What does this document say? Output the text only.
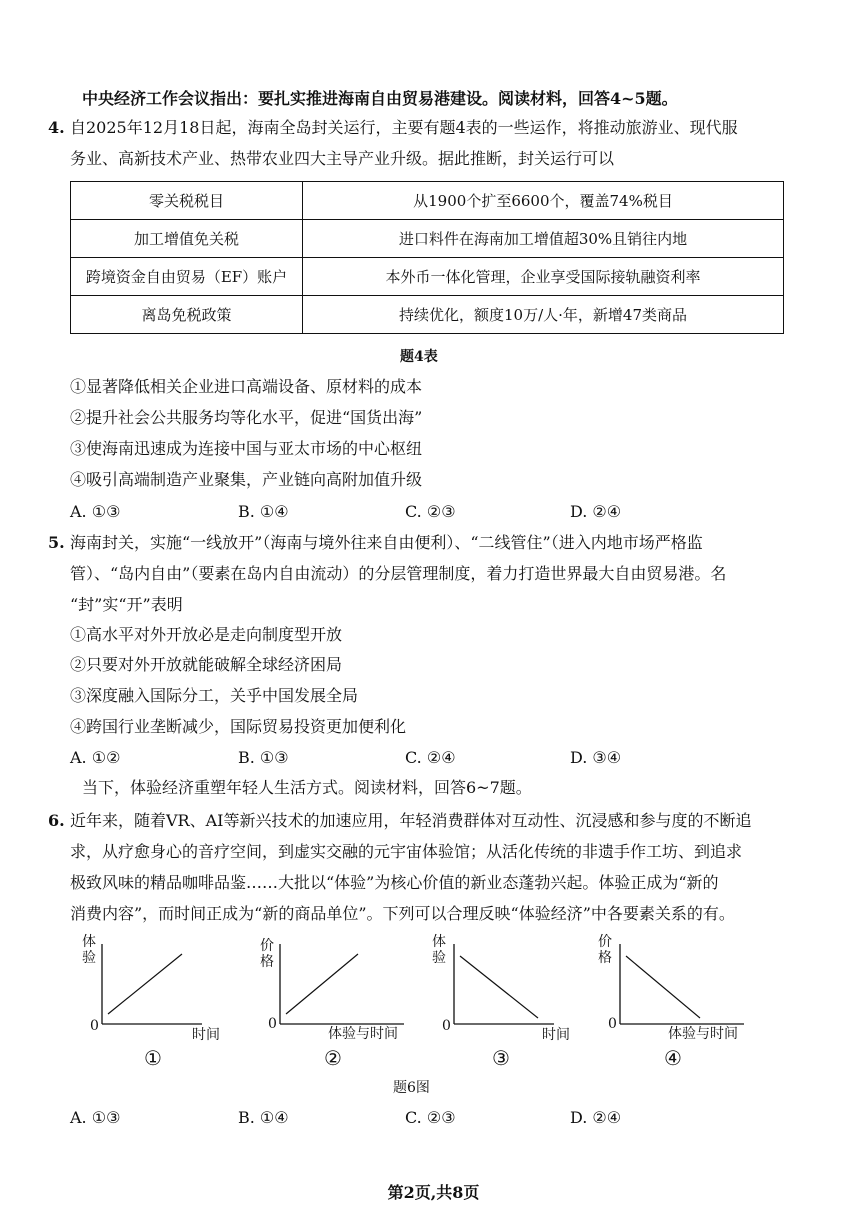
中央经济工作会议指出：要扎实推进海南自由贸易港建设。阅读材料，回答4~5题。
4. 自2025年12月18日起，海南全岛封关运行，主要有题4表的一些运作，将推动旅游业、现代服
务业、高新技术产业、热带农业四大主导产业升级。据此推断，封关运行可以
零关税税目	从1900个扩至6600个，覆盖74%税目
加工增值免关税	进口料件在海南加工增值超30%且销往内地
跨境资金自由贸易（EF）账户	本外币一体化管理，企业享受国际接轨融资利率
离岛免税政策	持续优化，额度10万/人·年，新增47类商品
题4表
①显著降低相关企业进口高端设备、原材料的成本
②提升社会公共服务均等化水平，促进“国货出海”
③使海南迅速成为连接中国与亚太市场的中心枢纽
④吸引高端制造产业聚集，产业链向高附加值升级
A. ①③	B. ①④	C. ②③	D. ②④
5. 海南封关，实施“一线放开”（海南与境外往来自由便利）、“二线管住”（进入内地市场严格监
管）、“岛内自由”（要素在岛内自由流动）的分层管理制度，着力打造世界最大自由贸易港。名
“封”实“开”表明
①高水平对外开放必是走向制度型开放
②只要对外开放就能破解全球经济困局
③深度融入国际分工，关乎中国发展全局
④跨国行业垄断减少，国际贸易投资更加便利化
A. ①②	B. ①③	C. ②④	D. ③④
当下，体验经济重塑年轻人生活方式。阅读材料，回答6~7题。
6. 近年来，随着VR、AI等新兴技术的加速应用，年轻消费群体对互动性、沉浸感和参与度的不断追
求，从疗愈身心的音疗空间，到虚实交融的元宇宙体验馆；从活化传统的非遗手作工坊、到追求
极致风味的精品咖啡品鉴……大批以“体验”为核心价值的新业态蓬勃兴起。体验正成为“新的
消费内容”，而时间正成为“新的商品单位”。下列可以合理反映“体验经济”中各要素关系的有。
体验
0
时间
①
价格
0
体验与时间
②
体验
0
时间
③
价格
0
体验与时间
④
题6图
A. ①③	B. ①④	C. ②③	D. ②④
第2页,共8页
